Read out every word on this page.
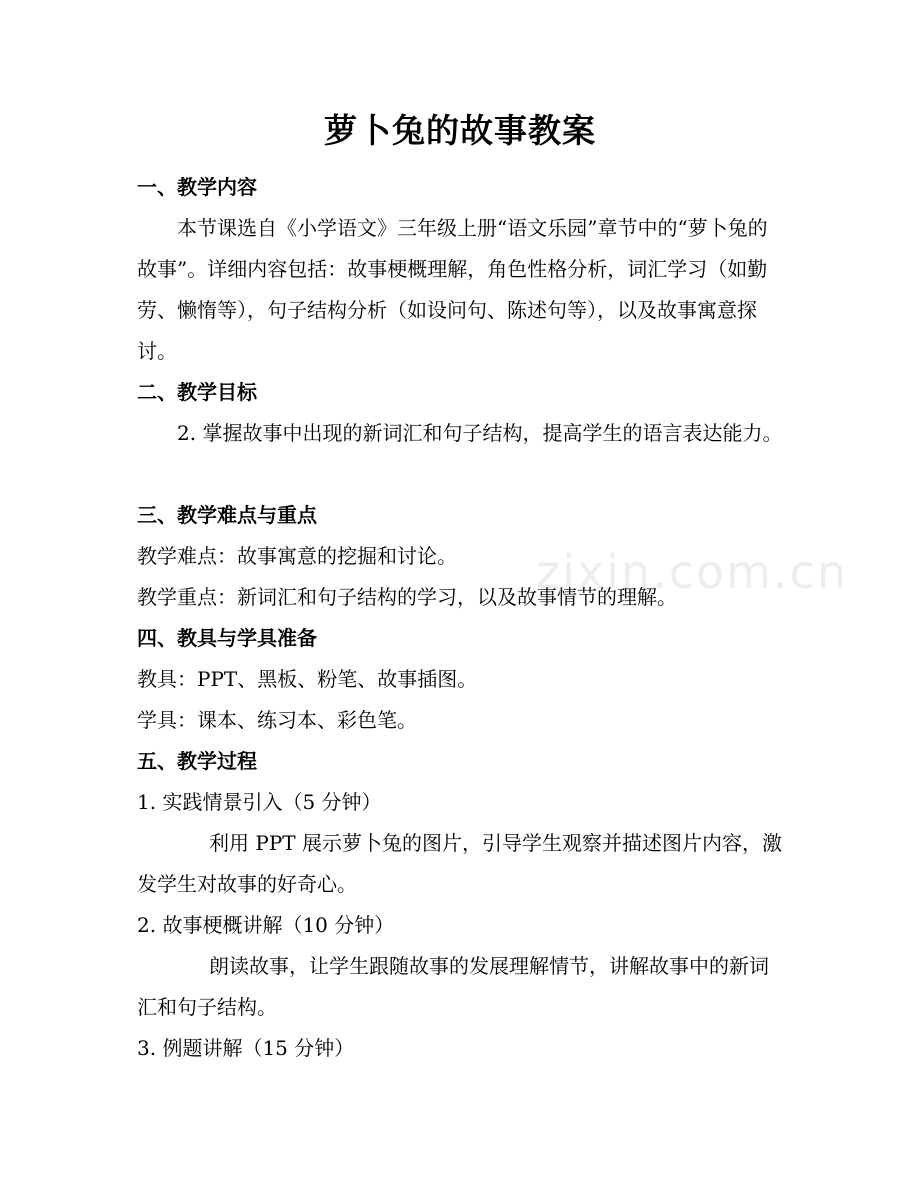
zixin.com.cn
萝卜兔的故事教案

一、教学内容

本节课选自《小学语文》三年级上册“语文乐园”章节中的“萝卜兔的故事”。详细内容包括：故事梗概理解，角色性格分析，词汇学习（如勤劳、懒惰等），句子结构分析（如设问句、陈述句等），以及故事寓意探讨。

二、教学目标

2. 掌握故事中出现的新词汇和句子结构，提高学生的语言表达能力。

三、教学难点与重点

教学难点：故事寓意的挖掘和讨论。

教学重点：新词汇和句子结构的学习，以及故事情节的理解。

四、教具与学具准备

教具：PPT、黑板、粉笔、故事插图。

学具：课本、练习本、彩色笔。

五、教学过程

1. 实践情景引入（5 分钟）

利用 PPT 展示萝卜兔的图片，引导学生观察并描述图片内容，激发学生对故事的好奇心。

2. 故事梗概讲解（10 分钟）

朗读故事，让学生跟随故事的发展理解情节，讲解故事中的新词汇和句子结构。

3. 例题讲解（15 分钟）
